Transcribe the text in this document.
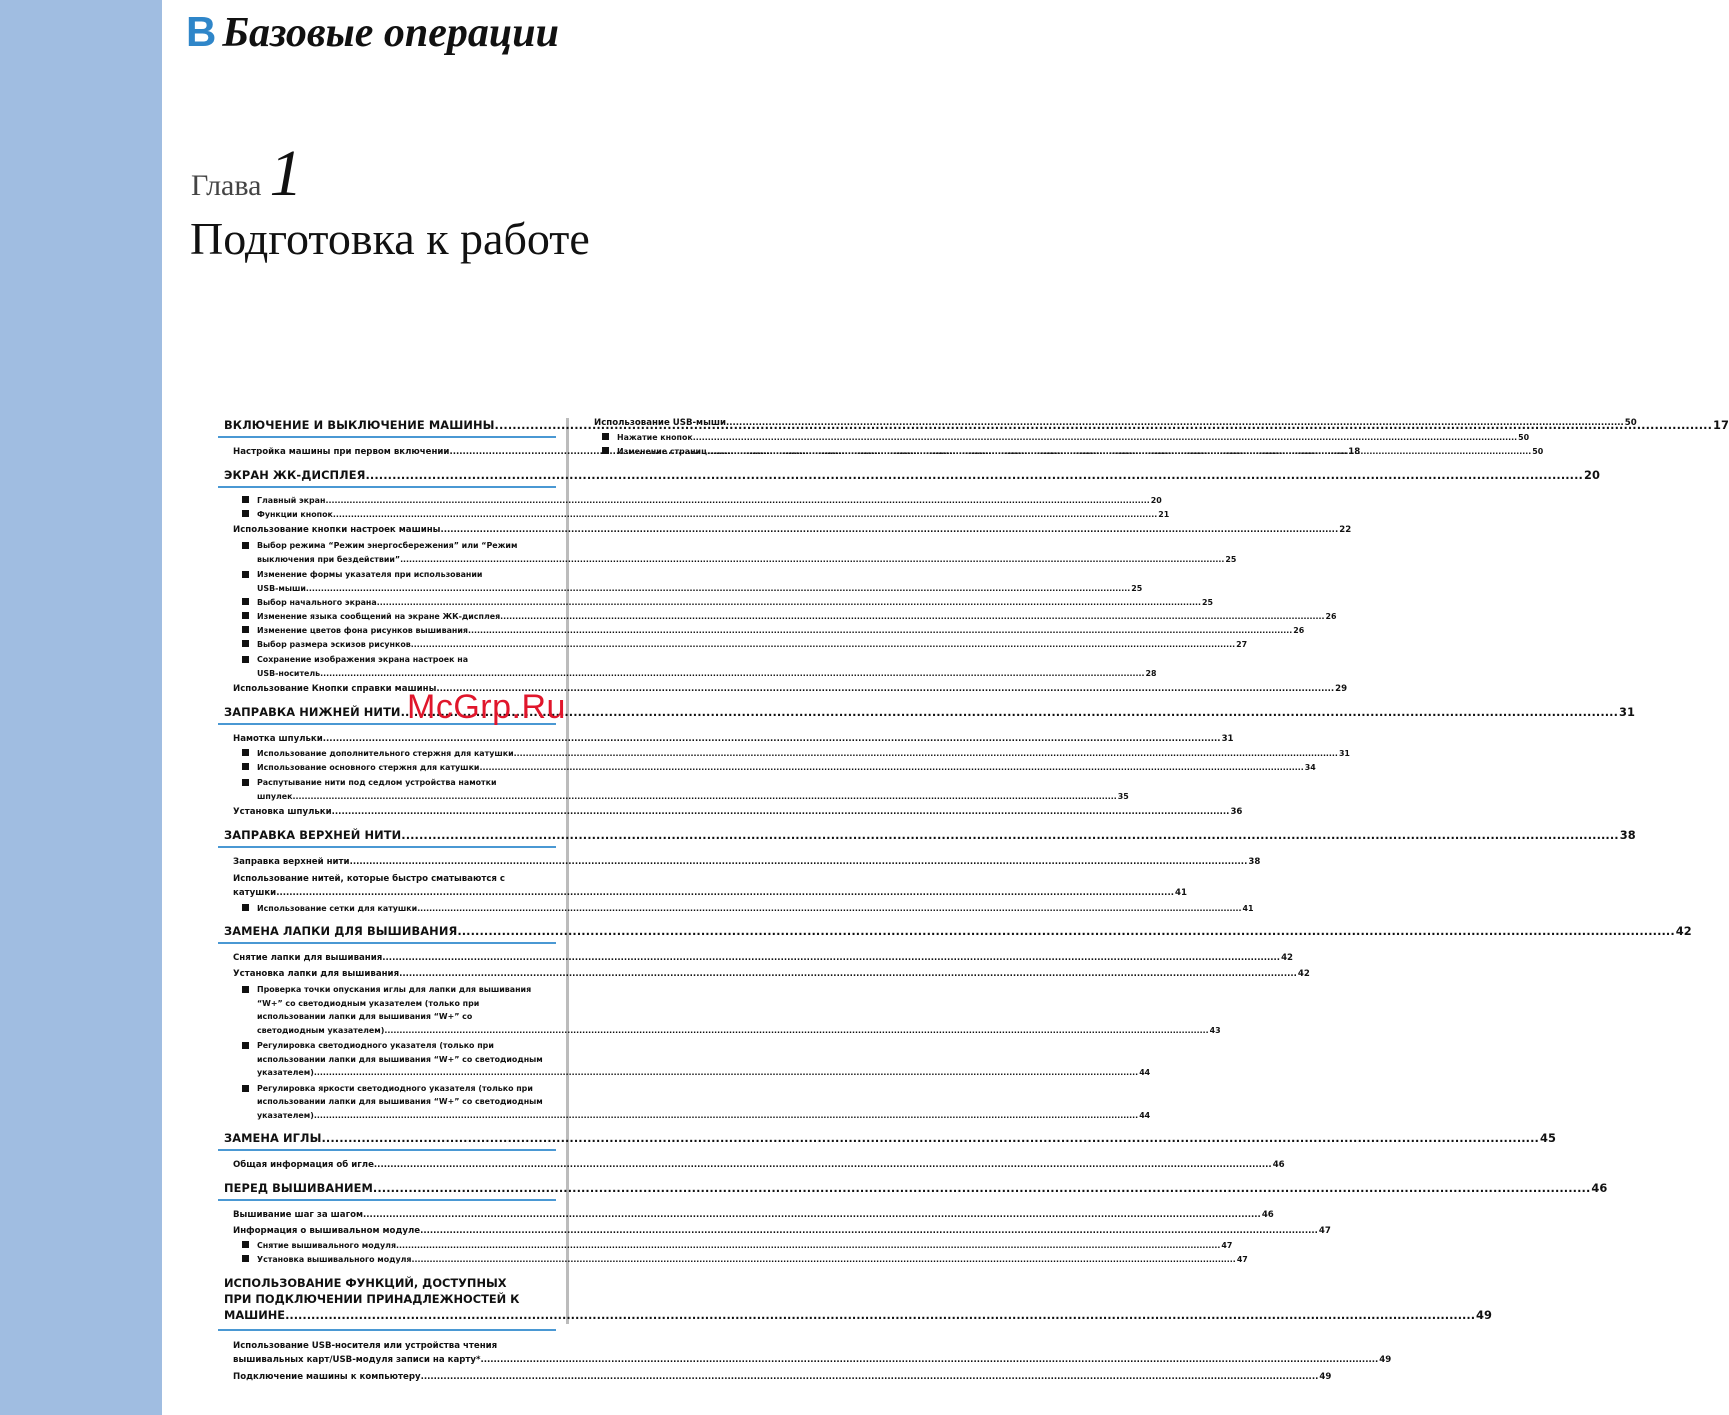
B Базовые операции
Глава 1
Подготовка к работе
ВКЛЮЧЕНИЕ И ВЫКЛЮЧЕНИЕ МАШИНЫ .....	17
Настройка машины при первом включении .....	18
ЭКРАН ЖК-ДИСПЛЕЯ .....	20
Главный экран .....	20
Функции кнопок .....	21
Использование кнопки настроек машины .....	22
Выбор режима “Режим энергосбережения” или “Режим
выключения при бездействии” .....	25
Изменение формы указателя при использовании
USB-мыши .....	25
Выбор начального экрана .....	25
Изменение языка сообщений на экране ЖК-дисплея .....	26
Изменение цветов фона рисунков вышивания .....	26
Выбор размера эскизов рисунков .....	27
Сохранение изображения экрана настроек на
USB-носитель .....	28
Использование Кнопки справки машины .....	29
ЗАПРАВКА НИЖНЕЙ НИТИ .....	31
Намотка шпульки .....	31
Использование дополнительного стержня для катушки .....	31
Использование основного стержня для катушки .....	34
Распутывание нити под седлом устройства намотки
шпулек .....	35
Установка шпульки .....	36
ЗАПРАВКА ВЕРХНЕЙ НИТИ .....	38
Заправка верхней нити .....	38
Использование нитей, которые быстро сматываются с
катушки .....	41
Использование сетки для катушки .....	41
ЗАМЕНА ЛАПКИ ДЛЯ ВЫШИВАНИЯ .....	42
Снятие лапки для вышивания .....	42
Установка лапки для вышивания .....	42
Проверка точки опускания иглы для лапки для вышивания
“W+” со светодиодным указателем (только при
использовании лапки для вышивания “W+” со
светодиодным указателем) .....	43
Регулировка светодиодного указателя (только при
использовании лапки для вышивания “W+” со светодиодным
указателем) .....	44
Регулировка яркости светодиодного указателя (только при
использовании лапки для вышивания “W+” со светодиодным
указателем) .....	44
ЗАМЕНА ИГЛЫ .....	45
Общая информация об игле .....	46
ПЕРЕД ВЫШИВАНИЕМ .....	46
Вышивание шаг за шагом .....	46
Информация о вышивальном модуле .....	47
Снятие вышивального модуля .....	47
Установка вышивального модуля .....	47
ИСПОЛЬЗОВАНИЕ ФУНКЦИЙ, ДОСТУПНЫХ
ПРИ ПОДКЛЮЧЕНИИ ПРИНАДЛЕЖНОСТЕЙ К
МАШИНЕ .....	49
Использование USB-носителя или устройства чтения
вышивальных карт/USB-модуля записи на карту* .....	49
Подключение машины к компьютеру .....	49
Использование USB-мыши .....	50
Нажатие кнопок .....	50
Изменение страниц .....	50
McGrp.Ru
